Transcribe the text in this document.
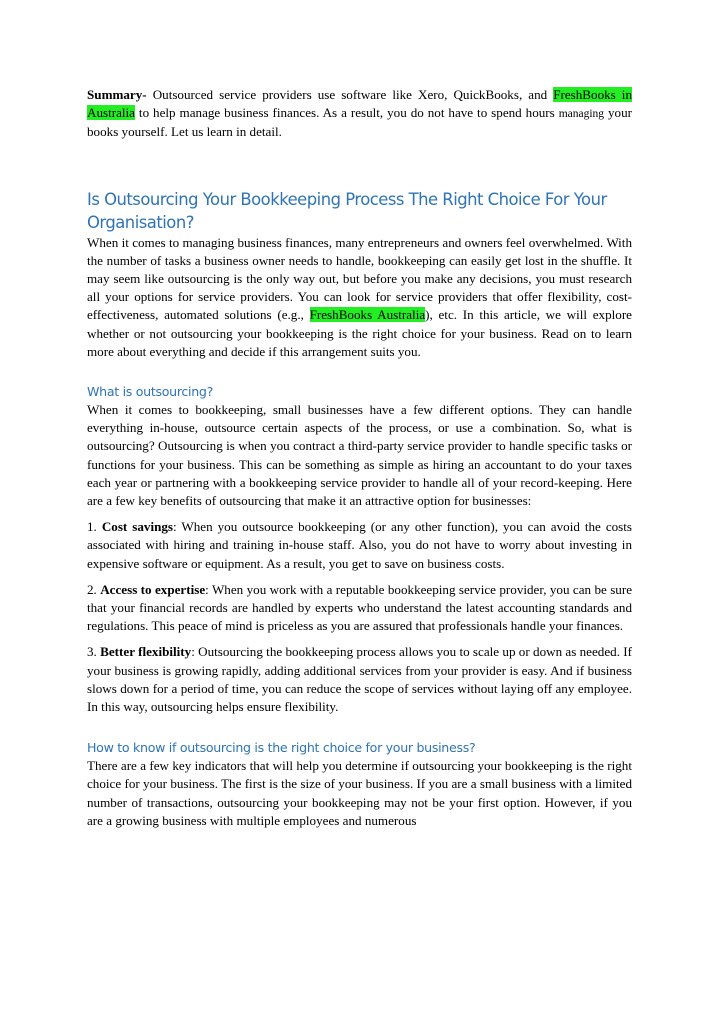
Summary- Outsourced service providers use software like Xero, QuickBooks, and FreshBooks in Australia to help manage business finances. As a result, you do not have to spend hours managing your books yourself. Let us learn in detail.

Is Outsourcing Your Bookkeeping Process The Right Choice For Your Organisation?

When it comes to managing business finances, many entrepreneurs and owners feel overwhelmed. With the number of tasks a business owner needs to handle, bookkeeping can easily get lost in the shuffle. It may seem like outsourcing is the only way out, but before you make any decisions, you must research all your options for service providers. You can look for service providers that offer flexibility, cost-effectiveness, automated solutions (e.g., FreshBooks Australia), etc. In this article, we will explore whether or not outsourcing your bookkeeping is the right choice for your business. Read on to learn more about everything and decide if this arrangement suits you.

What is outsourcing?

When it comes to bookkeeping, small businesses have a few different options. They can handle everything in-house, outsource certain aspects of the process, or use a combination. So, what is outsourcing? Outsourcing is when you contract a third-party service provider to handle specific tasks or functions for your business. This can be something as simple as hiring an accountant to do your taxes each year or partnering with a bookkeeping service provider to handle all of your record-keeping. Here are a few key benefits of outsourcing that make it an attractive option for businesses:

1. Cost savings: When you outsource bookkeeping (or any other function), you can avoid the costs associated with hiring and training in-house staff. Also, you do not have to worry about investing in expensive software or equipment. As a result, you get to save on business costs.

2. Access to expertise: When you work with a reputable bookkeeping service provider, you can be sure that your financial records are handled by experts who understand the latest accounting standards and regulations. This peace of mind is priceless as you are assured that professionals handle your finances.

3. Better flexibility: Outsourcing the bookkeeping process allows you to scale up or down as needed. If your business is growing rapidly, adding additional services from your provider is easy. And if business slows down for a period of time, you can reduce the scope of services without laying off any employee. In this way, outsourcing helps ensure flexibility.

How to know if outsourcing is the right choice for your business?

There are a few key indicators that will help you determine if outsourcing your bookkeeping is the right choice for your business. The first is the size of your business. If you are a small business with a limited number of transactions, outsourcing your bookkeeping may not be your first option. However, if you are a growing business with multiple employees and numerous
